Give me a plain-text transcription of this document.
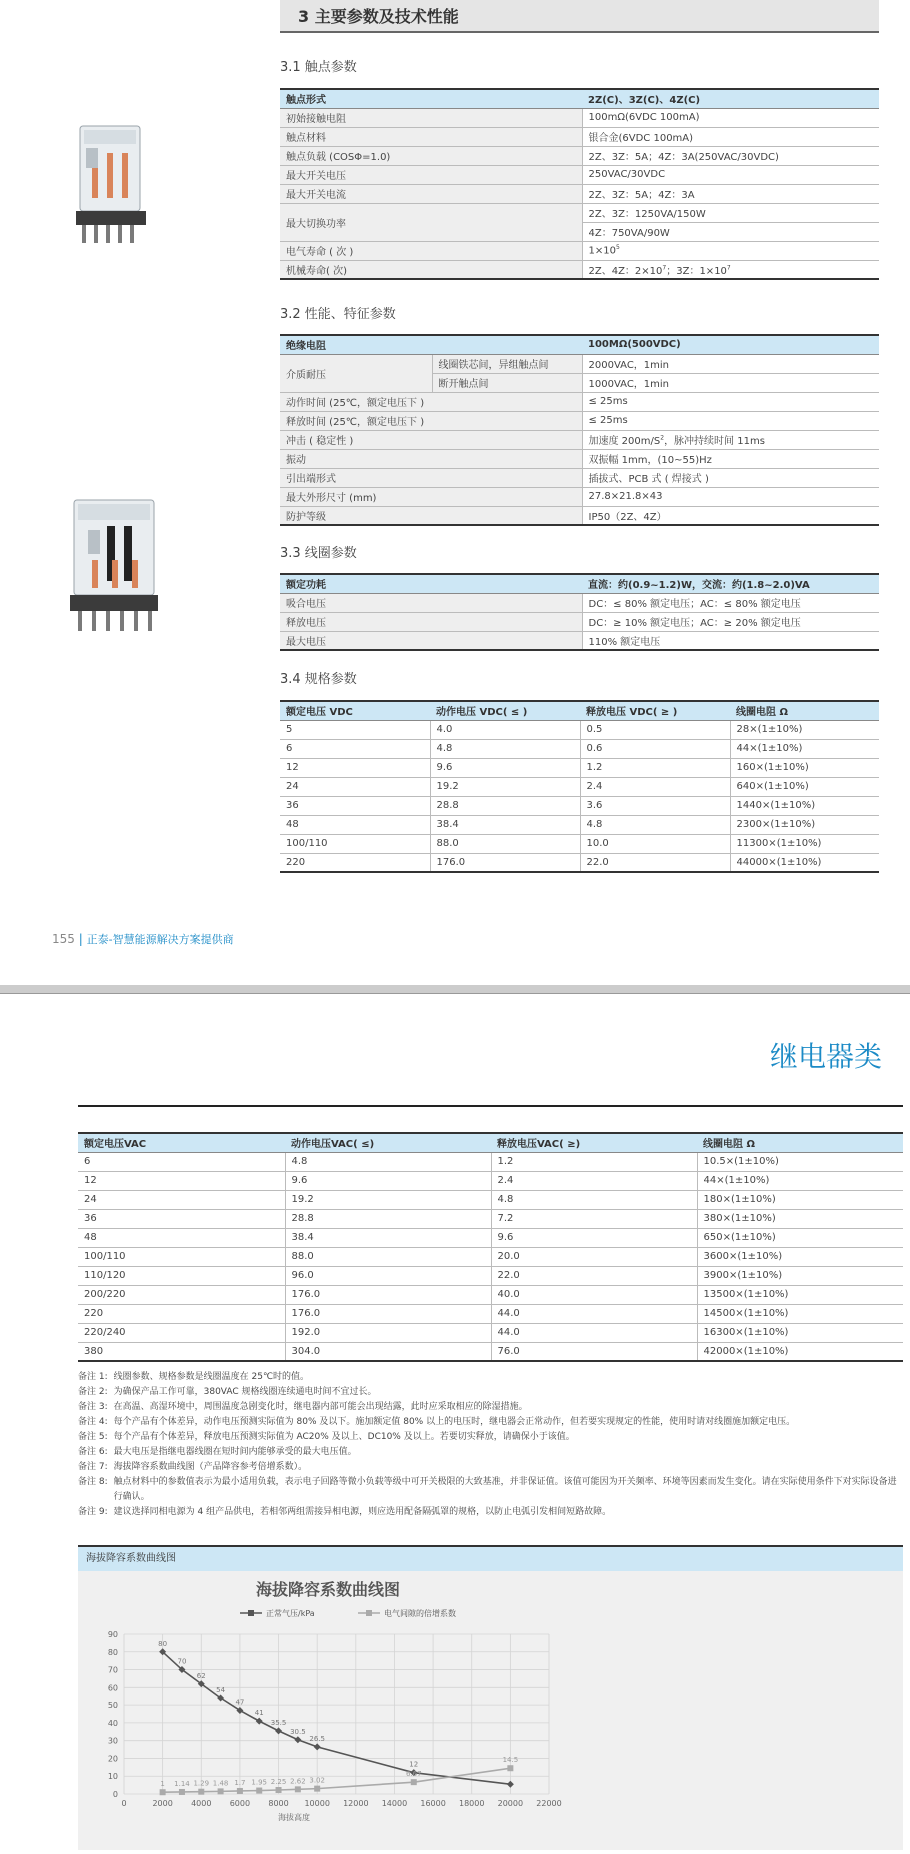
3 主要参数及技术性能
3.1 触点参数
触点形式	2Z(C)、3Z(C)、4Z(C)
初始接触电阻	100mΩ(6VDC 100mA)
触点材料	银合金(6VDC 100mA)
触点负载 (COSΦ=1.0)	2Z、3Z：5A；4Z：3A(250VAC/30VDC)
最大开关电压	250VAC/30VDC
最大开关电流	2Z、3Z：5A；4Z：3A
最大切换功率	2Z、3Z：1250VA/150W
	4Z：750VA/90W
电气寿命 ( 次 )	$1\times 10^5$
机械寿命( 次)	2Z、4Z：$2\times 10^7$；3Z：$1\times 10^7$
3.2 性能、特征参数
绝缘电阻		100MΩ(500VDC)
介质耐压	线圈铁芯间，异组触点间	2000VAC，1min
	断开触点间	1000VAC，1min
动作时间 (25℃，额定电压下 )		≤ 25ms
释放时间 (25℃，额定电压下 )		≤ 25ms
冲击 ( 稳定性 )		加速度 $200m/S^2$，脉冲持续时间 11ms
振动		双振幅 1mm，(10~55)Hz
引出端形式		插拔式、PCB 式 ( 焊接式 )
最大外形尺寸 (mm)		27.8×21.8×43
防护等级		IP50（2Z、4Z）
3.3 线圈参数
额定功耗	直流：约(0.9~1.2)W，交流：约(1.8~2.0)VA
吸合电压	DC：≤ 80% 额定电压；AC：≤ 80% 额定电压
释放电压	DC：≥ 10% 额定电压；AC：≥ 20% 额定电压
最大电压	110% 额定电压
3.4 规格参数
额定电压 VDC	动作电压 VDC( ≤ )	释放电压 VDC( ≥ )	线圈电阻 Ω
5	4.0	0.5	28×(1±10%)
6	4.8	0.6	44×(1±10%)
12	9.6	1.2	160×(1±10%)
24	19.2	2.4	640×(1±10%)
36	28.8	3.6	1440×(1±10%)
48	38.4	4.8	2300×(1±10%)
100/110	88.0	10.0	11300×(1±10%)
220	176.0	22.0	44000×(1±10%)
155 | 正泰-智慧能源解决方案提供商
继电器类
额定电压VAC	动作电压VAC( ≤)	释放电压VAC( ≥)	线圈电阻 Ω
6	4.8	1.2	10.5×(1±10%)
12	9.6	2.4	44×(1±10%)
24	19.2	4.8	180×(1±10%)
36	28.8	7.2	380×(1±10%)
48	38.4	9.6	650×(1±10%)
100/110	88.0	20.0	3600×(1±10%)
110/120	96.0	22.0	3900×(1±10%)
200/220	176.0	40.0	13500×(1±10%)
220	176.0	44.0	14500×(1±10%)
220/240	192.0	44.0	16300×(1±10%)
380	304.0	76.0	42000×(1±10%)
备注 1: 线圈参数、规格参数是线圈温度在 25℃时的值。
备注 2: 为确保产品工作可靠，380VAC 规格线圈连续通电时间不宜过长。
备注 3: 在高温、高湿环境中，周围温度急剧变化时，继电器内部可能会出现结露，此时应采取相应的除湿措施。
备注 4: 每个产品有个体差异，动作电压预测实际值为 80% 及以下。施加额定值 80% 以上的电压时，继电器会正常动作，但若要实现规定的性能，使用时请对线圈施加额定电压。
备注 5: 每个产品有个体差异，释放电压预测实际值为 AC20% 及以上、DC10% 及以上。若要切实释放，请确保小于该值。
备注 6: 最大电压是指继电器线圈在短时间内能够承受的最大电压值。
备注 7: 海拔降容系数曲线图（产品降容参考倍增系数）。
备注 8: 触点材料中的参数值表示为最小适用负载，表示电子回路等微小负载等级中可开关极限的大致基准，并非保证值。该值可能因为开关频率、环境等因素而发生变化。请在实际使用条件下对实际设备进行确认。
备注 9: 建议选择同相电源为 4 组产品供电，若相邻两组需接异相电源，则应选用配备隔弧罩的规格，以防止电弧引发相间短路故障。
海拔降容系数曲线图
海拔降容系数曲线图
正常气压/kPa	电气间隙的倍增系数
0
10
20
30
40
50
60
70
80
90
0	2000 4000 6000 8000 10000 12000 14000 16000 18000 20000 22000
海拔高度
80
70
62
54
47
41
35.5
30.5
26.5
12
1 1.14 1.29 1.48 1.7 1.95 2.25 2.62 3.02
6.67
14.5
